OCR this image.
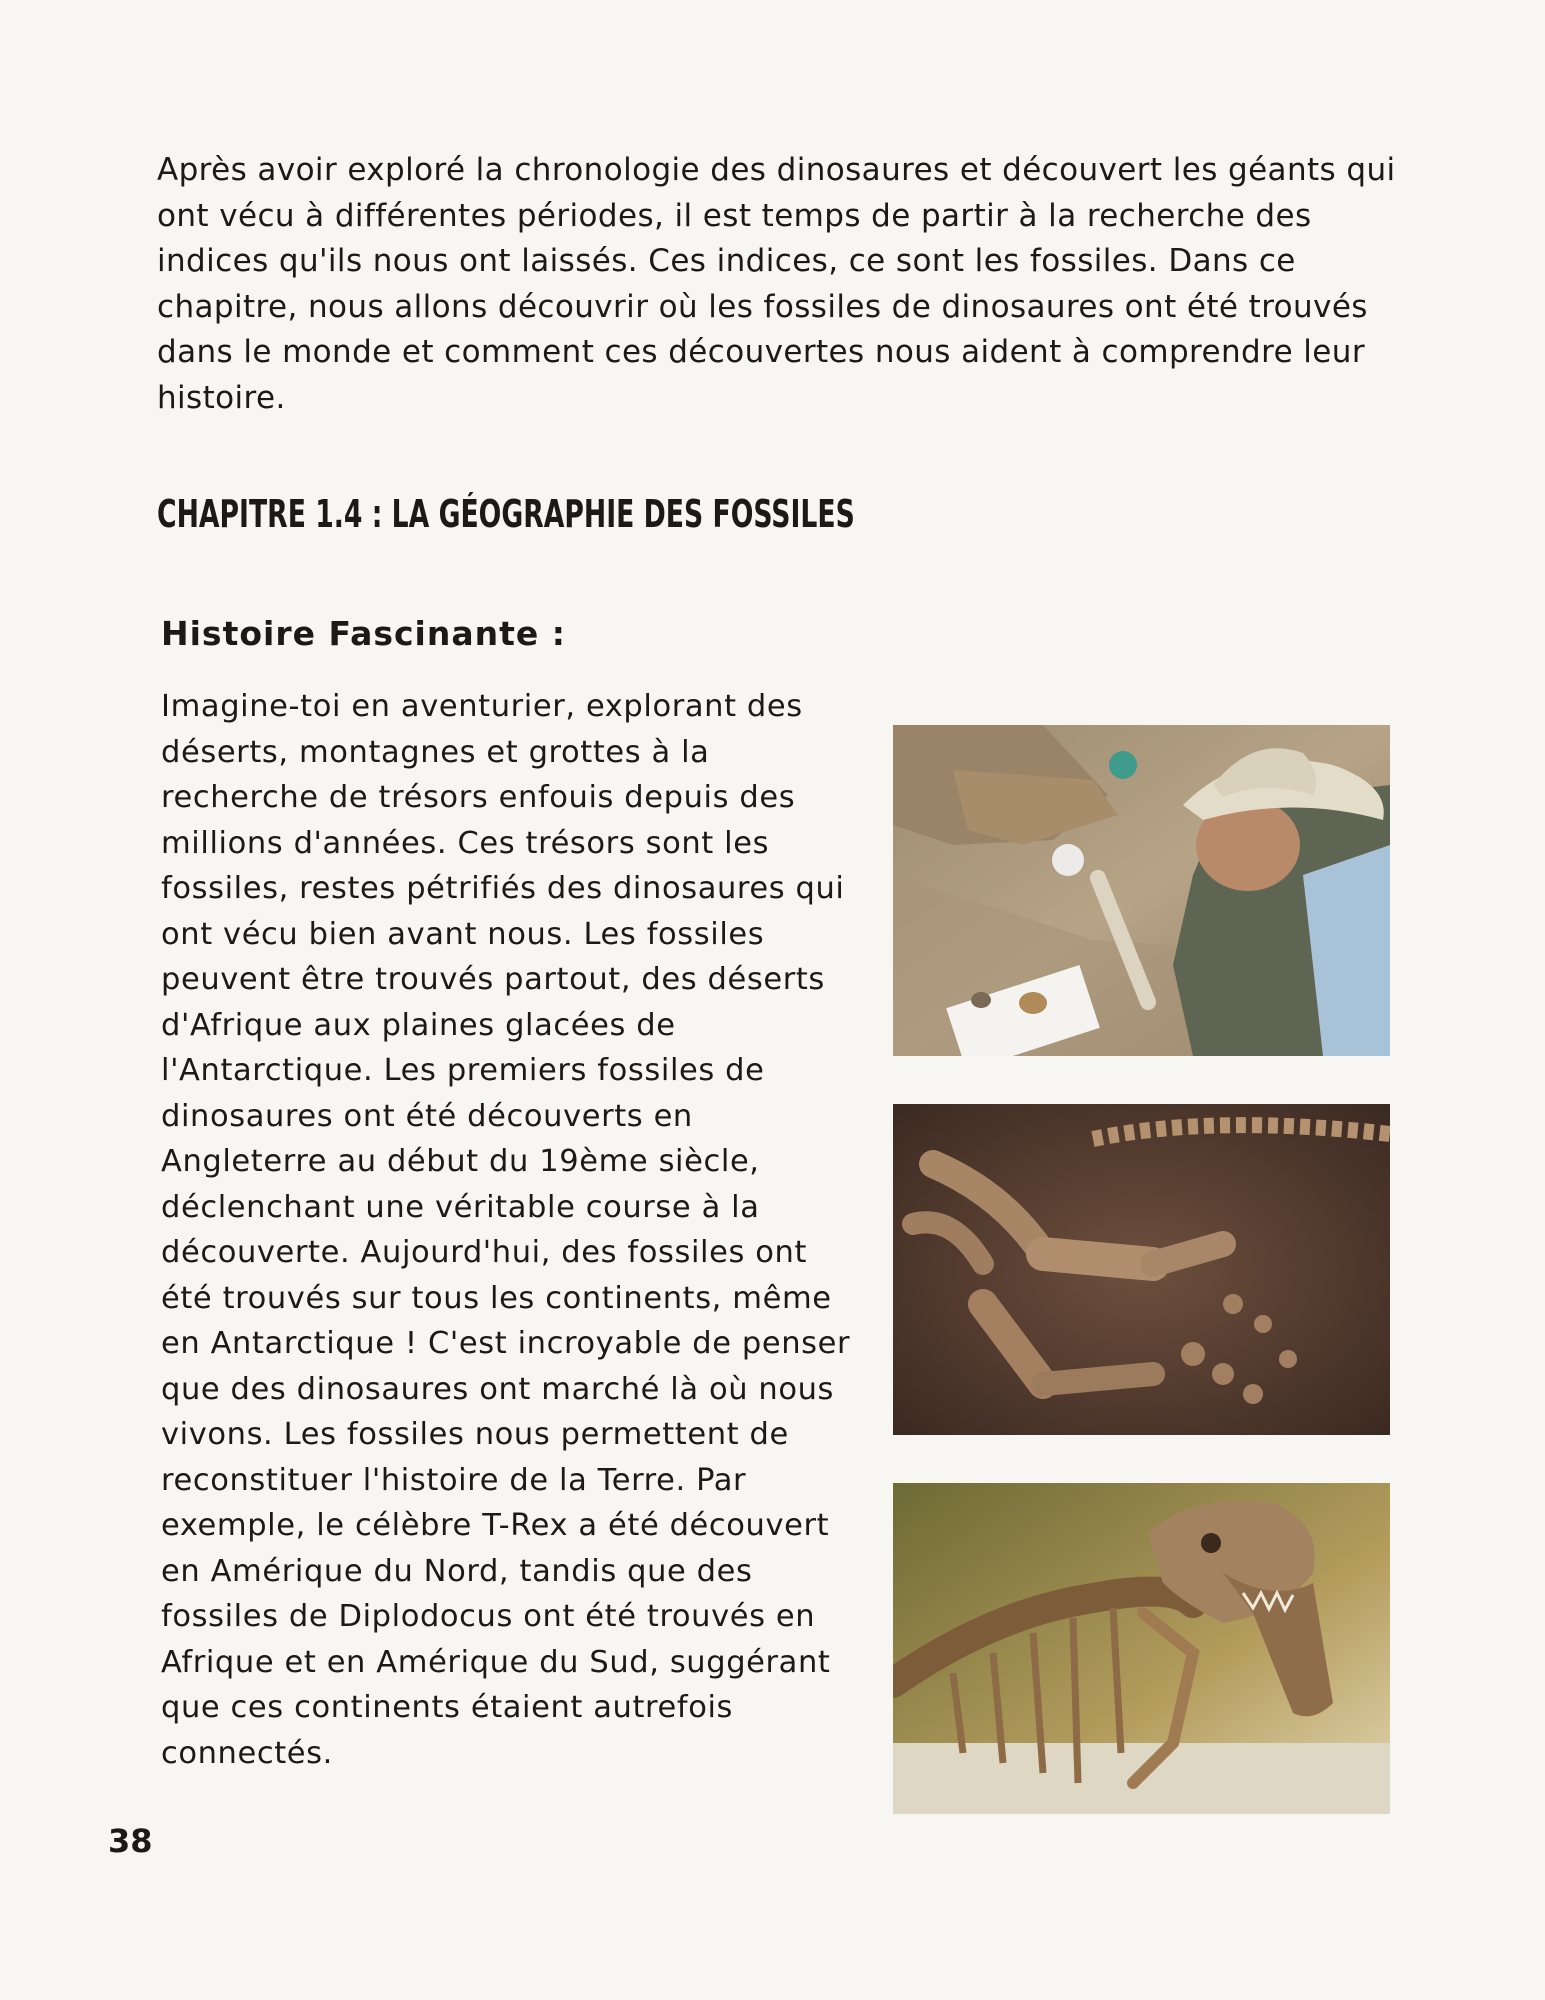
Après avoir exploré la chronologie des dinosaures et découvert les géants qui ont vécu à différentes périodes, il est temps de partir à la recherche des indices qu'ils nous ont laissés. Ces indices, ce sont les fossiles. Dans ce chapitre, nous allons découvrir où les fossiles de dinosaures ont été trouvés dans le monde et comment ces découvertes nous aident à comprendre leur histoire.

CHAPITRE 1.4 : LA GÉOGRAPHIE DES FOSSILES
Histoire Fascinante :

Imagine-toi en aventurier, explorant des déserts, montagnes et grottes à la recherche de trésors enfouis depuis des millions d'années. Ces trésors sont les fossiles, restes pétrifiés des dinosaures qui ont vécu bien avant nous. Les fossiles peuvent être trouvés partout, des déserts d'Afrique aux plaines glacées de l'Antarctique. Les premiers fossiles de dinosaures ont été découverts en Angleterre au début du 19ème siècle, déclenchant une véritable course à la découverte. Aujourd'hui, des fossiles ont été trouvés sur tous les continents, même en Antarctique ! C'est incroyable de penser que des dinosaures ont marché là où nous vivons. Les fossiles nous permettent de reconstituer l'histoire de la Terre. Par exemple, le célèbre T-Rex a été découvert en Amérique du Nord, tandis que des fossiles de Diplodocus ont été trouvés en Afrique et en Amérique du Sud, suggérant que ces continents étaient autrefois connectés.

38
